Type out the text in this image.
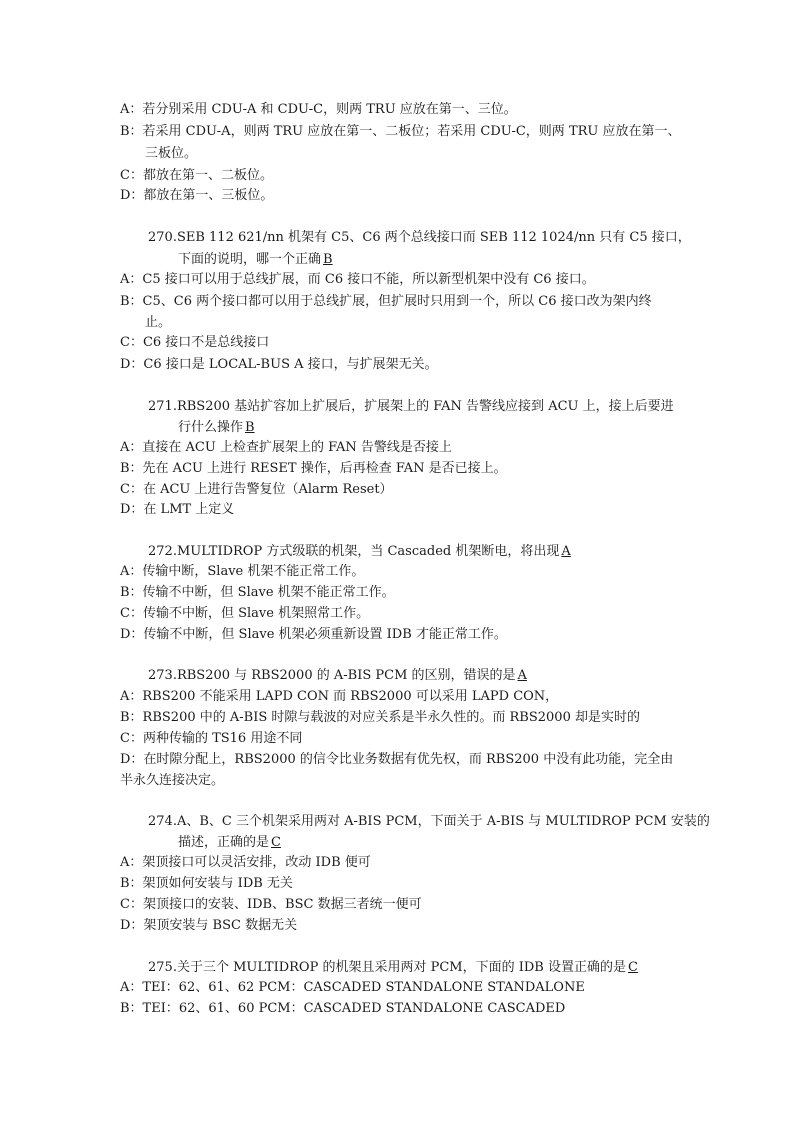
A：若分别采用 CDU-A 和 CDU-C，则两 TRU 应放在第一、三位。
B：若采用 CDU-A，则两 TRU 应放在第一、二板位；若采用 CDU-C，则两 TRU 应放在第一、
三板位。
C：都放在第一、二板位。
D：都放在第一、三板位。
270.SEB 112 621/nn 机架有 C5、C6 两个总线接口而 SEB 112 1024/nn 只有 C5 接口，
下面的说明，哪一个正确 B
A：C5 接口可以用于总线扩展，而 C6 接口不能，所以新型机架中没有 C6 接口。
B：C5、C6 两个接口都可以用于总线扩展，但扩展时只用到一个，所以 C6 接口改为架内终
止。
C：C6 接口不是总线接口
D：C6 接口是 LOCAL-BUS A 接口，与扩展架无关。
271.RBS200 基站扩容加上扩展后，扩展架上的 FAN 告警线应接到 ACU 上，接上后要进
行什么操作 B
A：直接在 ACU 上检查扩展架上的 FAN 告警线是否接上
B：先在 ACU 上进行 RESET 操作，后再检查 FAN 是否已接上。
C：在 ACU 上进行告警复位（Alarm Reset）
D：在 LMT 上定义
272.MULTIDROP 方式级联的机架，当 Cascaded 机架断电，将出现 A
A：传输中断，Slave 机架不能正常工作。
B：传输不中断，但 Slave 机架不能正常工作。
C：传输不中断，但 Slave 机架照常工作。
D：传输不中断，但 Slave 机架必须重新设置 IDB 才能正常工作。
273.RBS200 与 RBS2000 的 A-BIS PCM 的区别，错误的是 A
A：RBS200 不能采用 LAPD CON 而 RBS2000 可以采用 LAPD CON，
B：RBS200 中的 A-BIS 时隙与载波的对应关系是半永久性的。而 RBS2000 却是实时的
C：两种传输的 TS16 用途不同
D：在时隙分配上，RBS2000 的信令比业务数据有优先权，而 RBS200 中没有此功能，完全由
半永久连接决定。
274.A、B、C 三个机架采用两对 A-BIS PCM，下面关于 A-BIS 与 MULTIDROP PCM 安装的
描述，正确的是 C
A：架顶接口可以灵活安排，改动 IDB 便可
B：架顶如何安装与 IDB 无关
C：架顶接口的安装、IDB、BSC 数据三者统一便可
D：架顶安装与 BSC 数据无关
275.关于三个 MULTIDROP 的机架且采用两对 PCM，下面的 IDB 设置正确的是 C
A：TEI：62、61、62 PCM：CASCADED STANDALONE STANDALONE
B：TEI：62、61、60 PCM：CASCADED STANDALONE CASCADED
